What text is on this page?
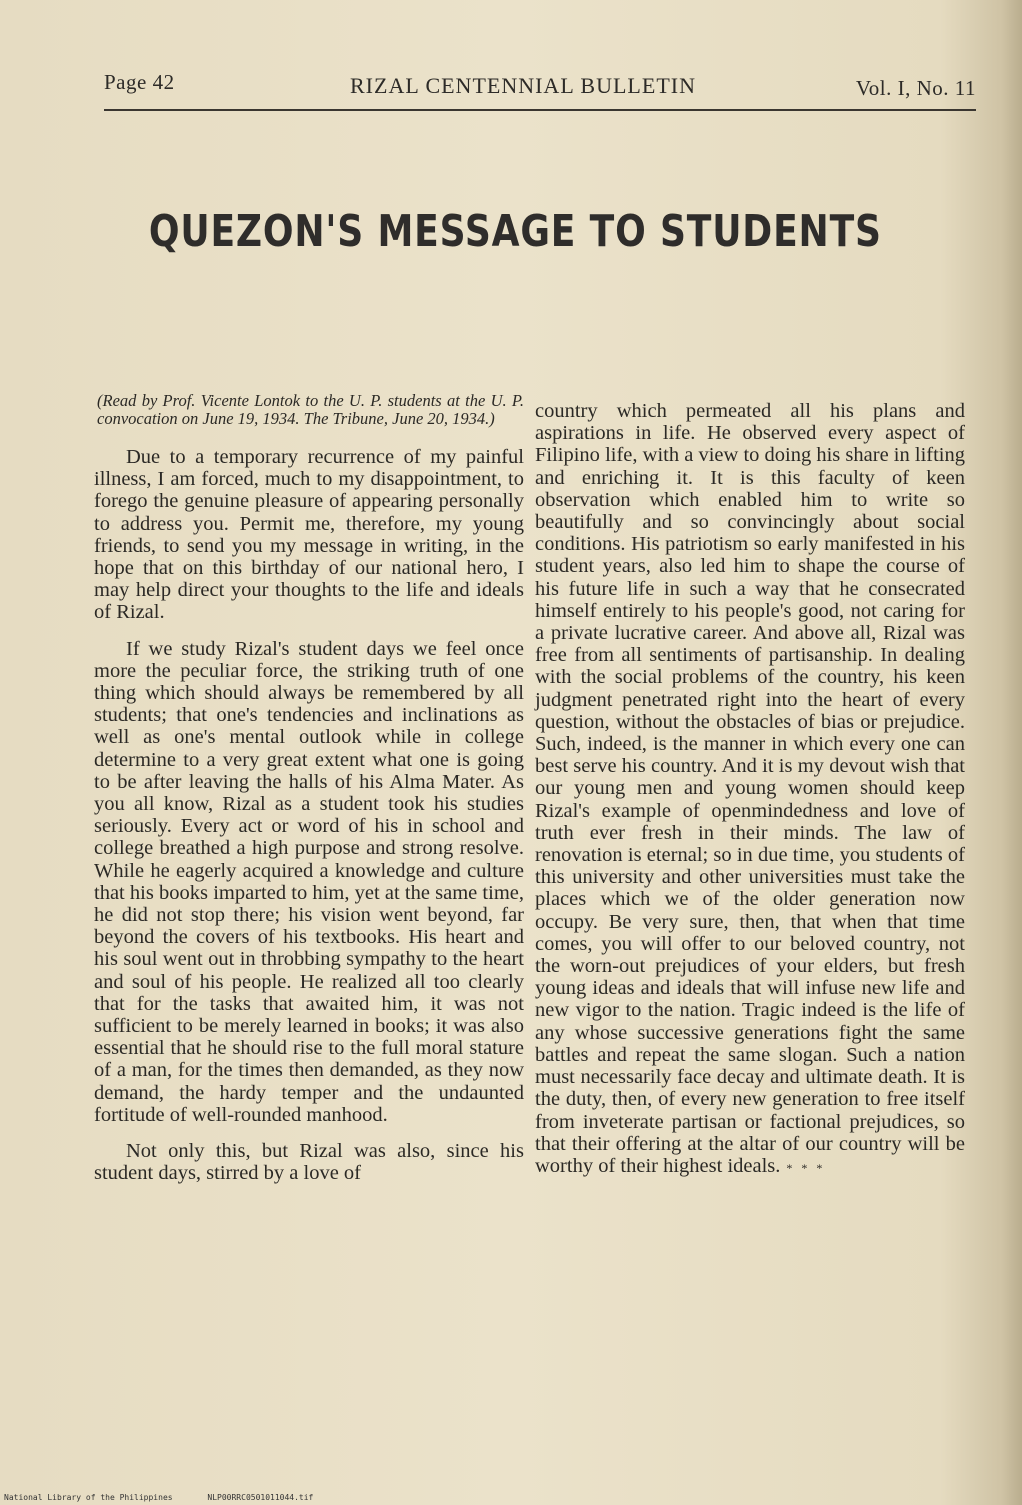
Page 42	RIZAL CENTENNIAL BULLETIN	Vol. I, No. 11
QUEZON'S MESSAGE TO STUDENTS
(Read by Prof. Vicente Lontok to the U. P. students at the U. P. convocation on June 19, 1934. The Tribune, June 20, 1934.)

Due to a temporary recurrence of my painful illness, I am forced, much to my disappointment, to forego the genuine pleasure of appearing personally to address you. Permit me, therefore, my young friends, to send you my message in writing, in the hope that on this birthday of our national hero, I may help direct your thoughts to the life and ideals of Rizal.

If we study Rizal's student days we feel once more the peculiar force, the striking truth of one thing which should always be remembered by all students; that one's tendencies and inclinations as well as one's mental outlook while in college determine to a very great extent what one is going to be after leaving the halls of his Alma Mater. As you all know, Rizal as a student took his studies seriously. Every act or word of his in school and college breathed a high purpose and strong resolve. While he eagerly acquired a knowledge and culture that his books imparted to him, yet at the same time, he did not stop there; his vision went beyond, far beyond the covers of his textbooks. His heart and his soul went out in throbbing sympathy to the heart and soul of his people. He realized all too clearly that for the tasks that awaited him, it was not sufficient to be merely learned in books; it was also essential that he should rise to the full moral stature of a man, for the times then demanded, as they now demand, the hardy temper and the undaunted fortitude of well-rounded manhood.

Not only this, but Rizal was also, since his student days, stirred by a love of

country which permeated all his plans and aspirations in life. He observed every aspect of Filipino life, with a view to doing his share in lifting and enriching it. It is this faculty of keen observation which enabled him to write so beautifully and so convincingly about social conditions. His patriotism so early manifested in his student years, also led him to shape the course of his future life in such a way that he consecrated himself entirely to his people's good, not caring for a private lucrative career. And above all, Rizal was free from all sentiments of partisanship. In dealing with the social problems of the country, his keen judgment penetrated right into the heart of every question, without the obstacles of bias or prejudice. Such, indeed, is the manner in which every one can best serve his country. And it is my devout wish that our young men and young women should keep Rizal's example of openmindedness and love of truth ever fresh in their minds. The law of renovation is eternal; so in due time, you students of this university and other universities must take the places which we of the older generation now occupy. Be very sure, then, that when that time comes, you will offer to our beloved country, not the worn-out prejudices of your elders, but fresh young ideas and ideals that will infuse new life and new vigor to the nation. Tragic indeed is the life of any whose successive generations fight the same battles and repeat the same slogan. Such a nation must necessarily face decay and ultimate death. It is the duty, then, of every new generation to free itself from inveterate partisan or factional prejudices, so that their offering at the altar of our country will be worthy of their highest ideals. * * *

National Library of the Philippines	NLP00RRC0501011044.tif
